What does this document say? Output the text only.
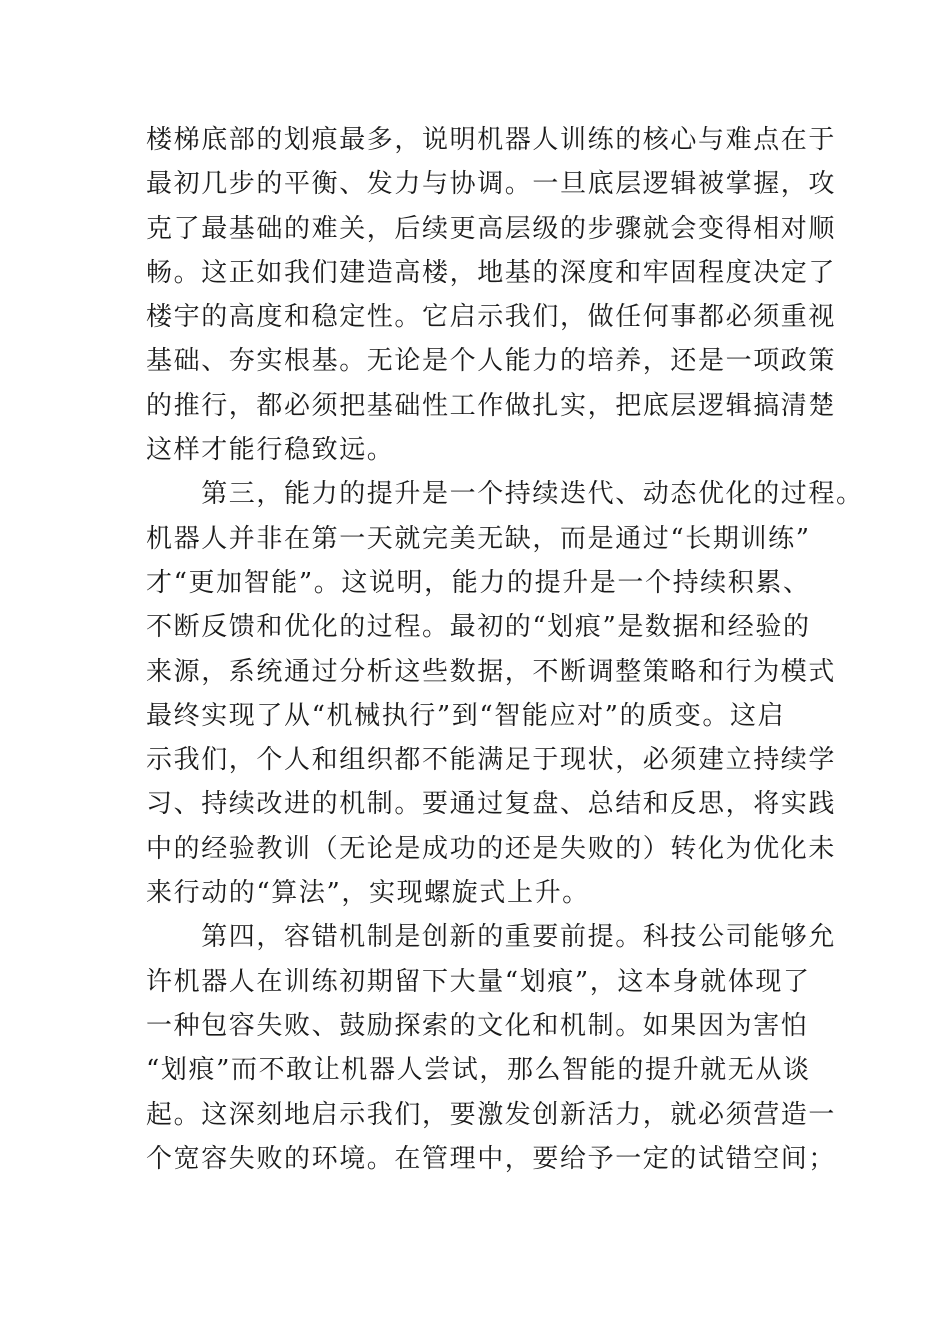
楼梯底部的划痕最多，说明机器人训练的核心与难点在于
最初几步的平衡、发力与协调。一旦底层逻辑被掌握，攻
克了最基础的难关，后续更高层级的步骤就会变得相对顺
畅。这正如我们建造高楼，地基的深度和牢固程度决定了
楼宇的高度和稳定性。它启示我们，做任何事都必须重视
基础、夯实根基。无论是个人能力的培养，还是一项政策
的推行，都必须把基础性工作做扎实，把底层逻辑搞清楚
这样才能行稳致远。
　　第三，能力的提升是一个持续迭代、动态优化的过程。
机器人并非在第一天就完美无缺，而是通过“长期训练”
才“更加智能”。这说明，能力的提升是一个持续积累、
不断反馈和优化的过程。最初的“划痕”是数据和经验的
来源，系统通过分析这些数据，不断调整策略和行为模式
最终实现了从“机械执行”到“智能应对”的质变。这启
示我们，个人和组织都不能满足于现状，必须建立持续学
习、持续改进的机制。要通过复盘、总结和反思，将实践
中的经验教训（无论是成功的还是失败的）转化为优化未
来行动的“算法”，实现螺旋式上升。
　　第四，容错机制是创新的重要前提。科技公司能够允
许机器人在训练初期留下大量“划痕”，这本身就体现了
一种包容失败、鼓励探索的文化和机制。如果因为害怕
“划痕”而不敢让机器人尝试，那么智能的提升就无从谈
起。这深刻地启示我们，要激发创新活力，就必须营造一
个宽容失败的环境。在管理中，要给予一定的试错空间；
